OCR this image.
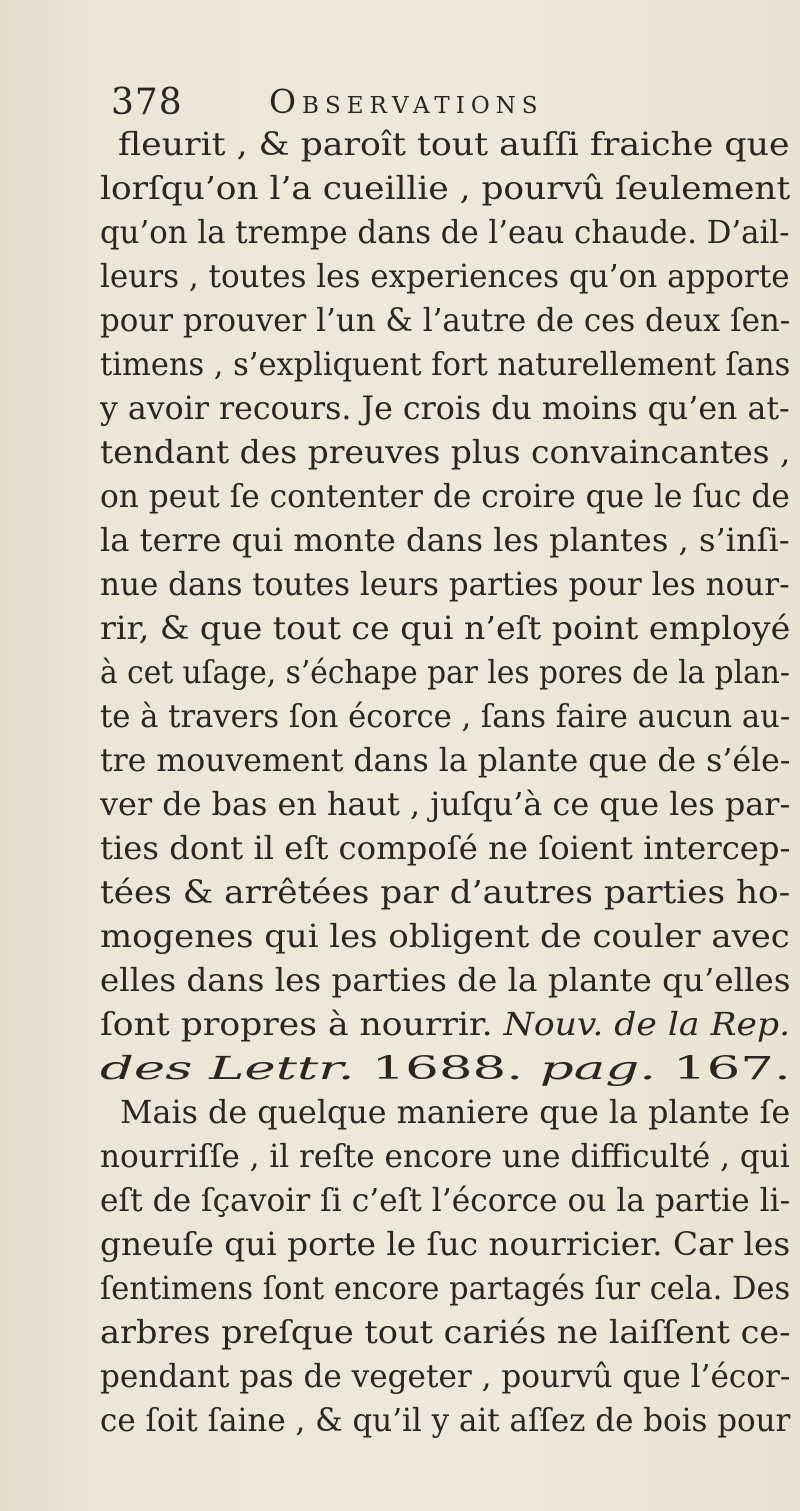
378	Observations
fleurit , & paroît tout auſſi fraiche que
lorſqu’on l’a cueillie , pourvû ſeulement
qu’on la trempe dans de l’eau chaude. D’ail-
leurs , toutes les experiences qu’on apporte
pour prouver l’un & l’autre de ces deux ſen-
timens , s’expliquent fort naturellement ſans
y avoir recours. Je crois du moins qu’en at-
tendant des preuves plus convaincantes ,
on peut ſe contenter de croire que le ſuc de
la terre qui monte dans les plantes , s’inſi-
nue dans toutes leurs parties pour les nour-
rir, & que tout ce qui n’eſt point employé
à cet uſage, s’échape par les pores de la plan-
te à travers ſon écorce , ſans faire aucun au-
tre mouvement dans la plante que de s’éle-
ver de bas en haut , juſqu’à ce que les par-
ties dont il eſt compoſé ne ſoient intercep-
tées & arrêtées par d’autres parties ho-
mogenes qui les obligent de couler avec
elles dans les parties de la plante qu’elles
ſont propres à nourrir. Nouv. de la Rep.
des Lettr. 1688. pag. 167.
Mais de quelque maniere que la plante ſe
nourriſſe , il reſte encore une difficulté , qui
eſt de ſçavoir ſi c’eſt l’écorce ou la partie li-
gneuſe qui porte le ſuc nourricier. Car les
ſentimens ſont encore partagés ſur cela. Des
arbres preſque tout cariés ne laiſſent ce-
pendant pas de vegeter , pourvû que l’écor-
ce ſoit ſaine , & qu’il y ait aſſez de bois pour
